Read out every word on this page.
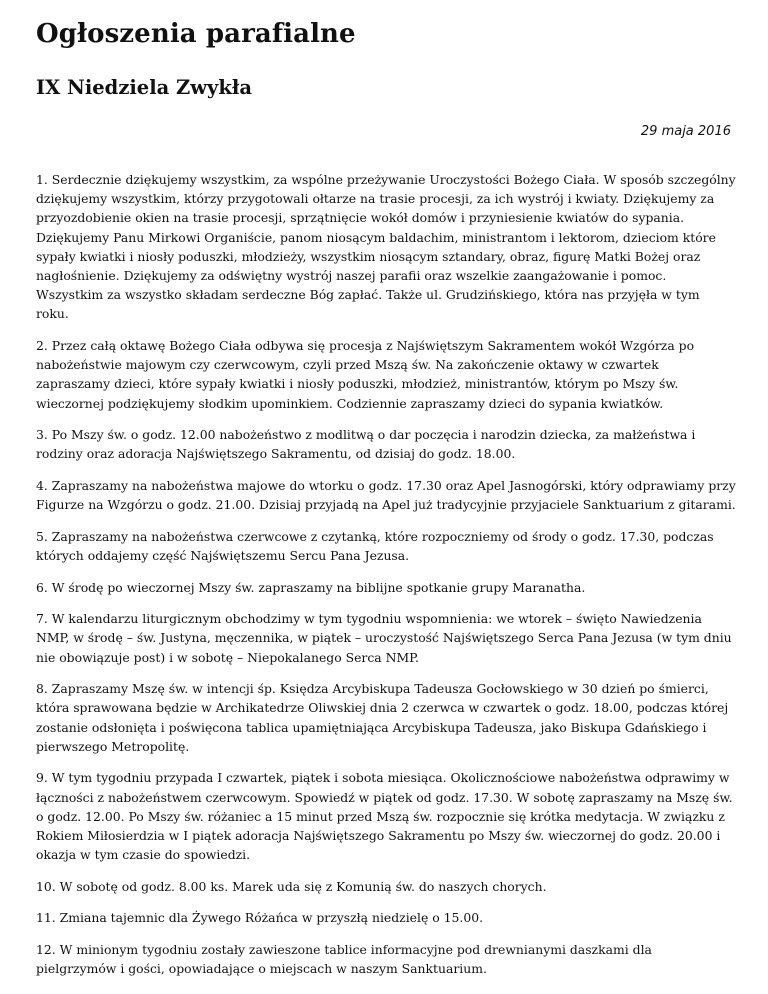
Ogłoszenia parafialne
IX Niedziela Zwykła
29 maja 2016

1. Serdecznie dziękujemy wszystkim, za wspólne przeżywanie Uroczystości Bożego Ciała. W sposób szczególny dziękujemy wszystkim, którzy przygotowali ołtarze na trasie procesji, za ich wystrój i kwiaty. Dziękujemy za przyozdobienie okien na trasie procesji, sprzątnięcie wokół domów i przyniesienie kwiatów do sypania. Dziękujemy Panu Mirkowi Organiście, panom niosącym baldachim, ministrantom i lektorom, dzieciom które sypały kwiatki i niosły poduszki, młodzieży, wszystkim niosącym sztandary, obraz, figurę Matki Bożej oraz nagłośnienie. Dziękujemy za odświętny wystrój naszej parafii oraz wszelkie zaangażowanie i pomoc. Wszystkim za wszystko składam serdeczne Bóg zapłać. Także ul. Grudzińskiego, która nas przyjęła w tym roku.

2. Przez całą oktawę Bożego Ciała odbywa się procesja z Najświętszym Sakramentem wokół Wzgórza po nabożeństwie majowym czy czerwcowym, czyli przed Mszą św. Na zakończenie oktawy w czwartek zapraszamy dzieci, które sypały kwiatki i niosły poduszki, młodzież, ministrantów, którym po Mszy św. wieczornej podziękujemy słodkim upominkiem. Codziennie zapraszamy dzieci do sypania kwiatków.

3. Po Mszy św. o godz. 12.00 nabożeństwo z modlitwą o dar poczęcia i narodzin dziecka, za małżeństwa i rodziny oraz adoracja Najświętszego Sakramentu, od dzisiaj do godz. 18.00.

4. Zapraszamy na nabożeństwa majowe do wtorku o godz. 17.30 oraz Apel Jasnogórski, który odprawiamy przy Figurze na Wzgórzu o godz. 21.00. Dzisiaj przyjadą na Apel już tradycyjnie przyjaciele Sanktuarium z gitarami.

5. Zapraszamy na nabożeństwa czerwcowe z czytanką, które rozpoczniemy od środy o godz. 17.30, podczas których oddajemy część Najświętszemu Sercu Pana Jezusa.

6. W środę po wieczornej Mszy św. zapraszamy na biblijne spotkanie grupy Maranatha.

7. W kalendarzu liturgicznym obchodzimy w tym tygodniu wspomnienia: we wtorek – święto Nawiedzenia NMP, w środę – św. Justyna, męczennika, w piątek – uroczystość Najświętszego Serca Pana Jezusa (w tym dniu nie obowiązuje post) i w sobotę – Niepokalanego Serca NMP.

8. Zapraszamy Mszę św. w intencji śp. Księdza Arcybiskupa Tadeusza Gocłowskiego w 30 dzień po śmierci, która sprawowana będzie w Archikatedrze Oliwskiej dnia 2 czerwca w czwartek o godz. 18.00, podczas której zostanie odsłonięta i poświęcona tablica upamiętniająca Arcybiskupa Tadeusza, jako Biskupa Gdańskiego i pierwszego Metropolitę.

9. W tym tygodniu przypada I czwartek, piątek i sobota miesiąca. Okolicznościowe nabożeństwa odprawimy w łączności z nabożeństwem czerwcowym. Spowiedź w piątek od godz. 17.30. W sobotę zapraszamy na Mszę św. o godz. 12.00. Po Mszy św. różaniec a 15 minut przed Mszą św. rozpocznie się krótka medytacja. W związku z Rokiem Miłosierdzia w I piątek adoracja Najświętszego Sakramentu po Mszy św. wieczornej do godz. 20.00 i okazja w tym czasie do spowiedzi.

10. W sobotę od godz. 8.00 ks. Marek uda się z Komunią św. do naszych chorych.

11. Zmiana tajemnic dla Żywego Różańca w przyszłą niedzielę o 15.00.

12. W minionym tygodniu zostały zawieszone tablice informacyjne pod drewnianymi daszkami dla pielgrzymów i gości, opowiadające o miejscach w naszym Sanktuarium.
